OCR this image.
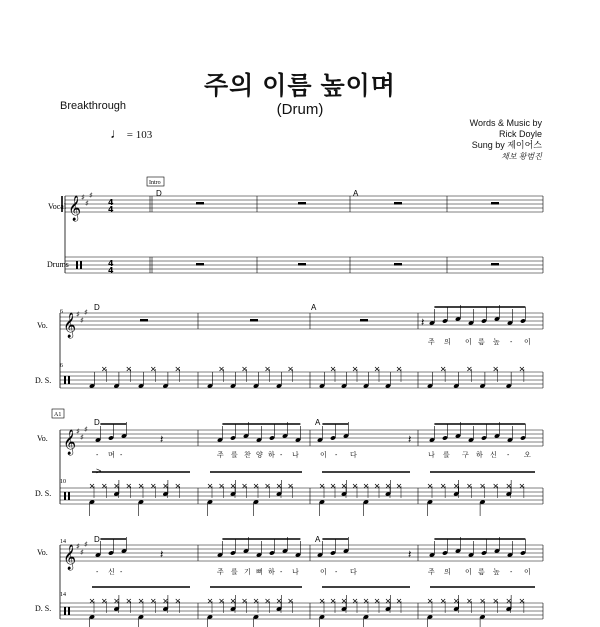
주의 이름 높이며
(Drum)
Breakthrough
♩ = 103
Words & Music by
Rick Doyle
Sung by 제이어스
채보 황범진
𝄞 ♯
♯
♯
4
4
4
4
𝄞 ♯
♯
♯
𝄽
𝄞 ♯
♯
♯
𝄽	𝄽
𝄞 ♯
♯
♯
𝄽	𝄽
Intro
Vocal
Drums
D	A
6
Vo.
6
D. S.
D	A
주 의 이 름 높 - 이
A1
Vo.
10
D. S.
D	A
>
- 며 -	주 를 찬 양 하 - 나	이 - 다	나 를 구 하 신 - 오
14
Vo.
14
D. S.
D	A
- 신 -	주 를 기 뻐 하 - 나	이 - 다	주 의 이 름 높 - 이
